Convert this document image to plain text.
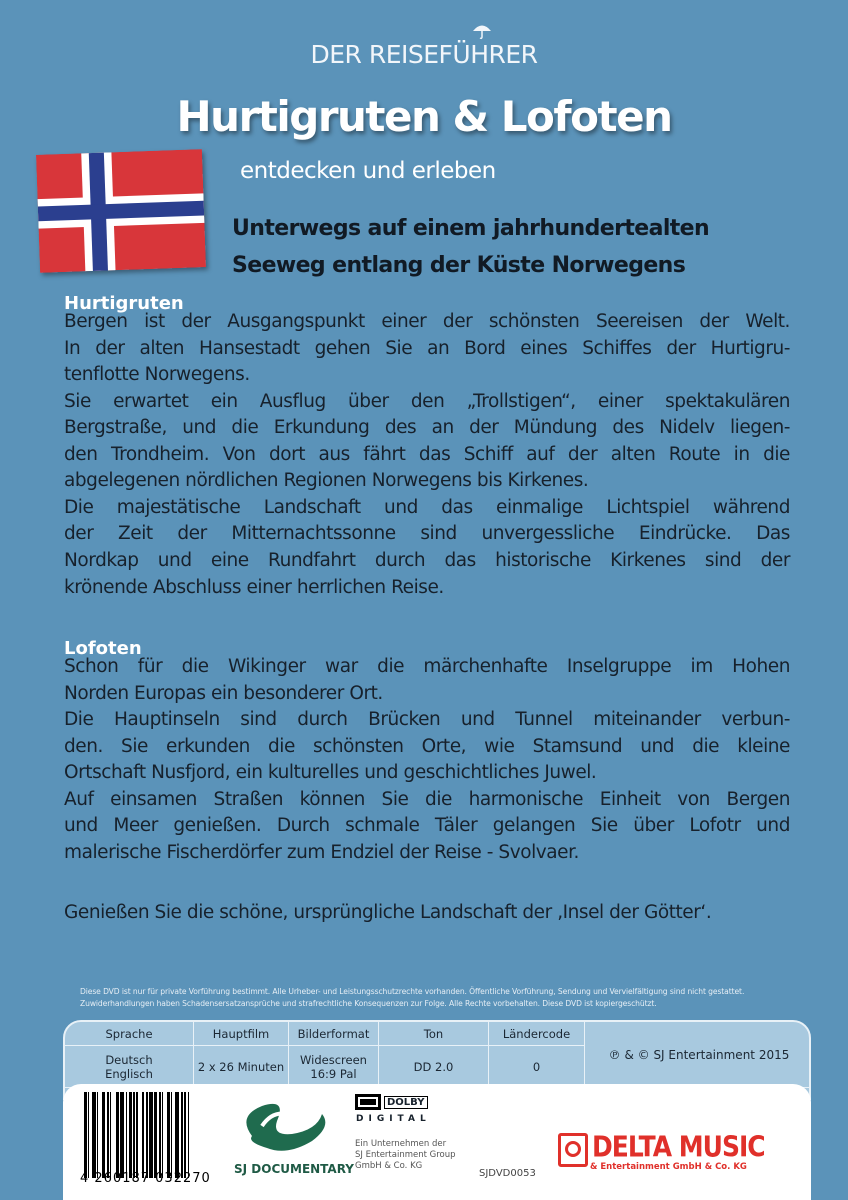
DER REISEFÜHRER
Hurtigruten & Lofoten
entdecken und erleben
Unterwegs auf einem jahrhundertealten
Seeweg entlang der Küste Norwegens
Hurtigruten
Bergen ist der Ausgangspunkt einer der schönsten Seereisen der Welt.
In der alten Hansestadt gehen Sie an Bord eines Schiffes der Hurtigru-
tenflotte Norwegens.
Sie erwartet ein Ausflug über den „Trollstigen“, einer spektakulären
Bergstraße, und die Erkundung des an der Mündung des Nidelv liegen-
den Trondheim. Von dort aus fährt das Schiff auf der alten Route in die
abgelegenen nördlichen Regionen Norwegens bis Kirkenes.
Die majestätische Landschaft und das einmalige Lichtspiel während
der Zeit der Mitternachtssonne sind unvergessliche Eindrücke. Das
Nordkap und eine Rundfahrt durch das historische Kirkenes sind der
krönende Abschluss einer herrlichen Reise.
Lofoten
Schon für die Wikinger war die märchenhafte Inselgruppe im Hohen
Norden Europas ein besonderer Ort.
Die Hauptinseln sind durch Brücken und Tunnel miteinander verbun-
den. Sie erkunden die schönsten Orte, wie Stamsund und die kleine
Ortschaft Nusfjord, ein kulturelles und geschichtliches Juwel.
Auf einsamen Straßen können Sie die harmonische Einheit von Bergen
und Meer genießen. Durch schmale Täler gelangen Sie über Lofotr und
malerische Fischerdörfer zum Endziel der Reise - Svolvaer.
Genießen Sie die schöne, ursprüngliche Landschaft der ‚Insel der Götter‘.
Diese DVD ist nur für private Vorführung bestimmt. Alle Urheber- und Leistungsschutzrechte vorhanden. Öffentliche Vorführung, Sendung und Vervielfältigung sind nicht gestattet. Zuwiderhandlungen haben Schadensersatzansprüche und strafrechtliche Konsequenzen zur Folge. Alle Rechte vorbehalten. Diese DVD ist kopiergeschützt.
Sprache
Deutsch
Englisch
Hauptfilm
2 x 26 Minuten
Bilderformat
Widescreen
16:9 Pal
Ton
DD 2.0
Ländercode
0
℗ & © SJ Entertainment 2015
4 260187 032270
SJ DOCUMENTARY
DOLBY
DIGITAL
Ein Unternehmen der
SJ Entertainment Group
GmbH & Co. KG
SJDVD0053
DELTA MUSIC
& Entertainment GmbH & Co. KG
